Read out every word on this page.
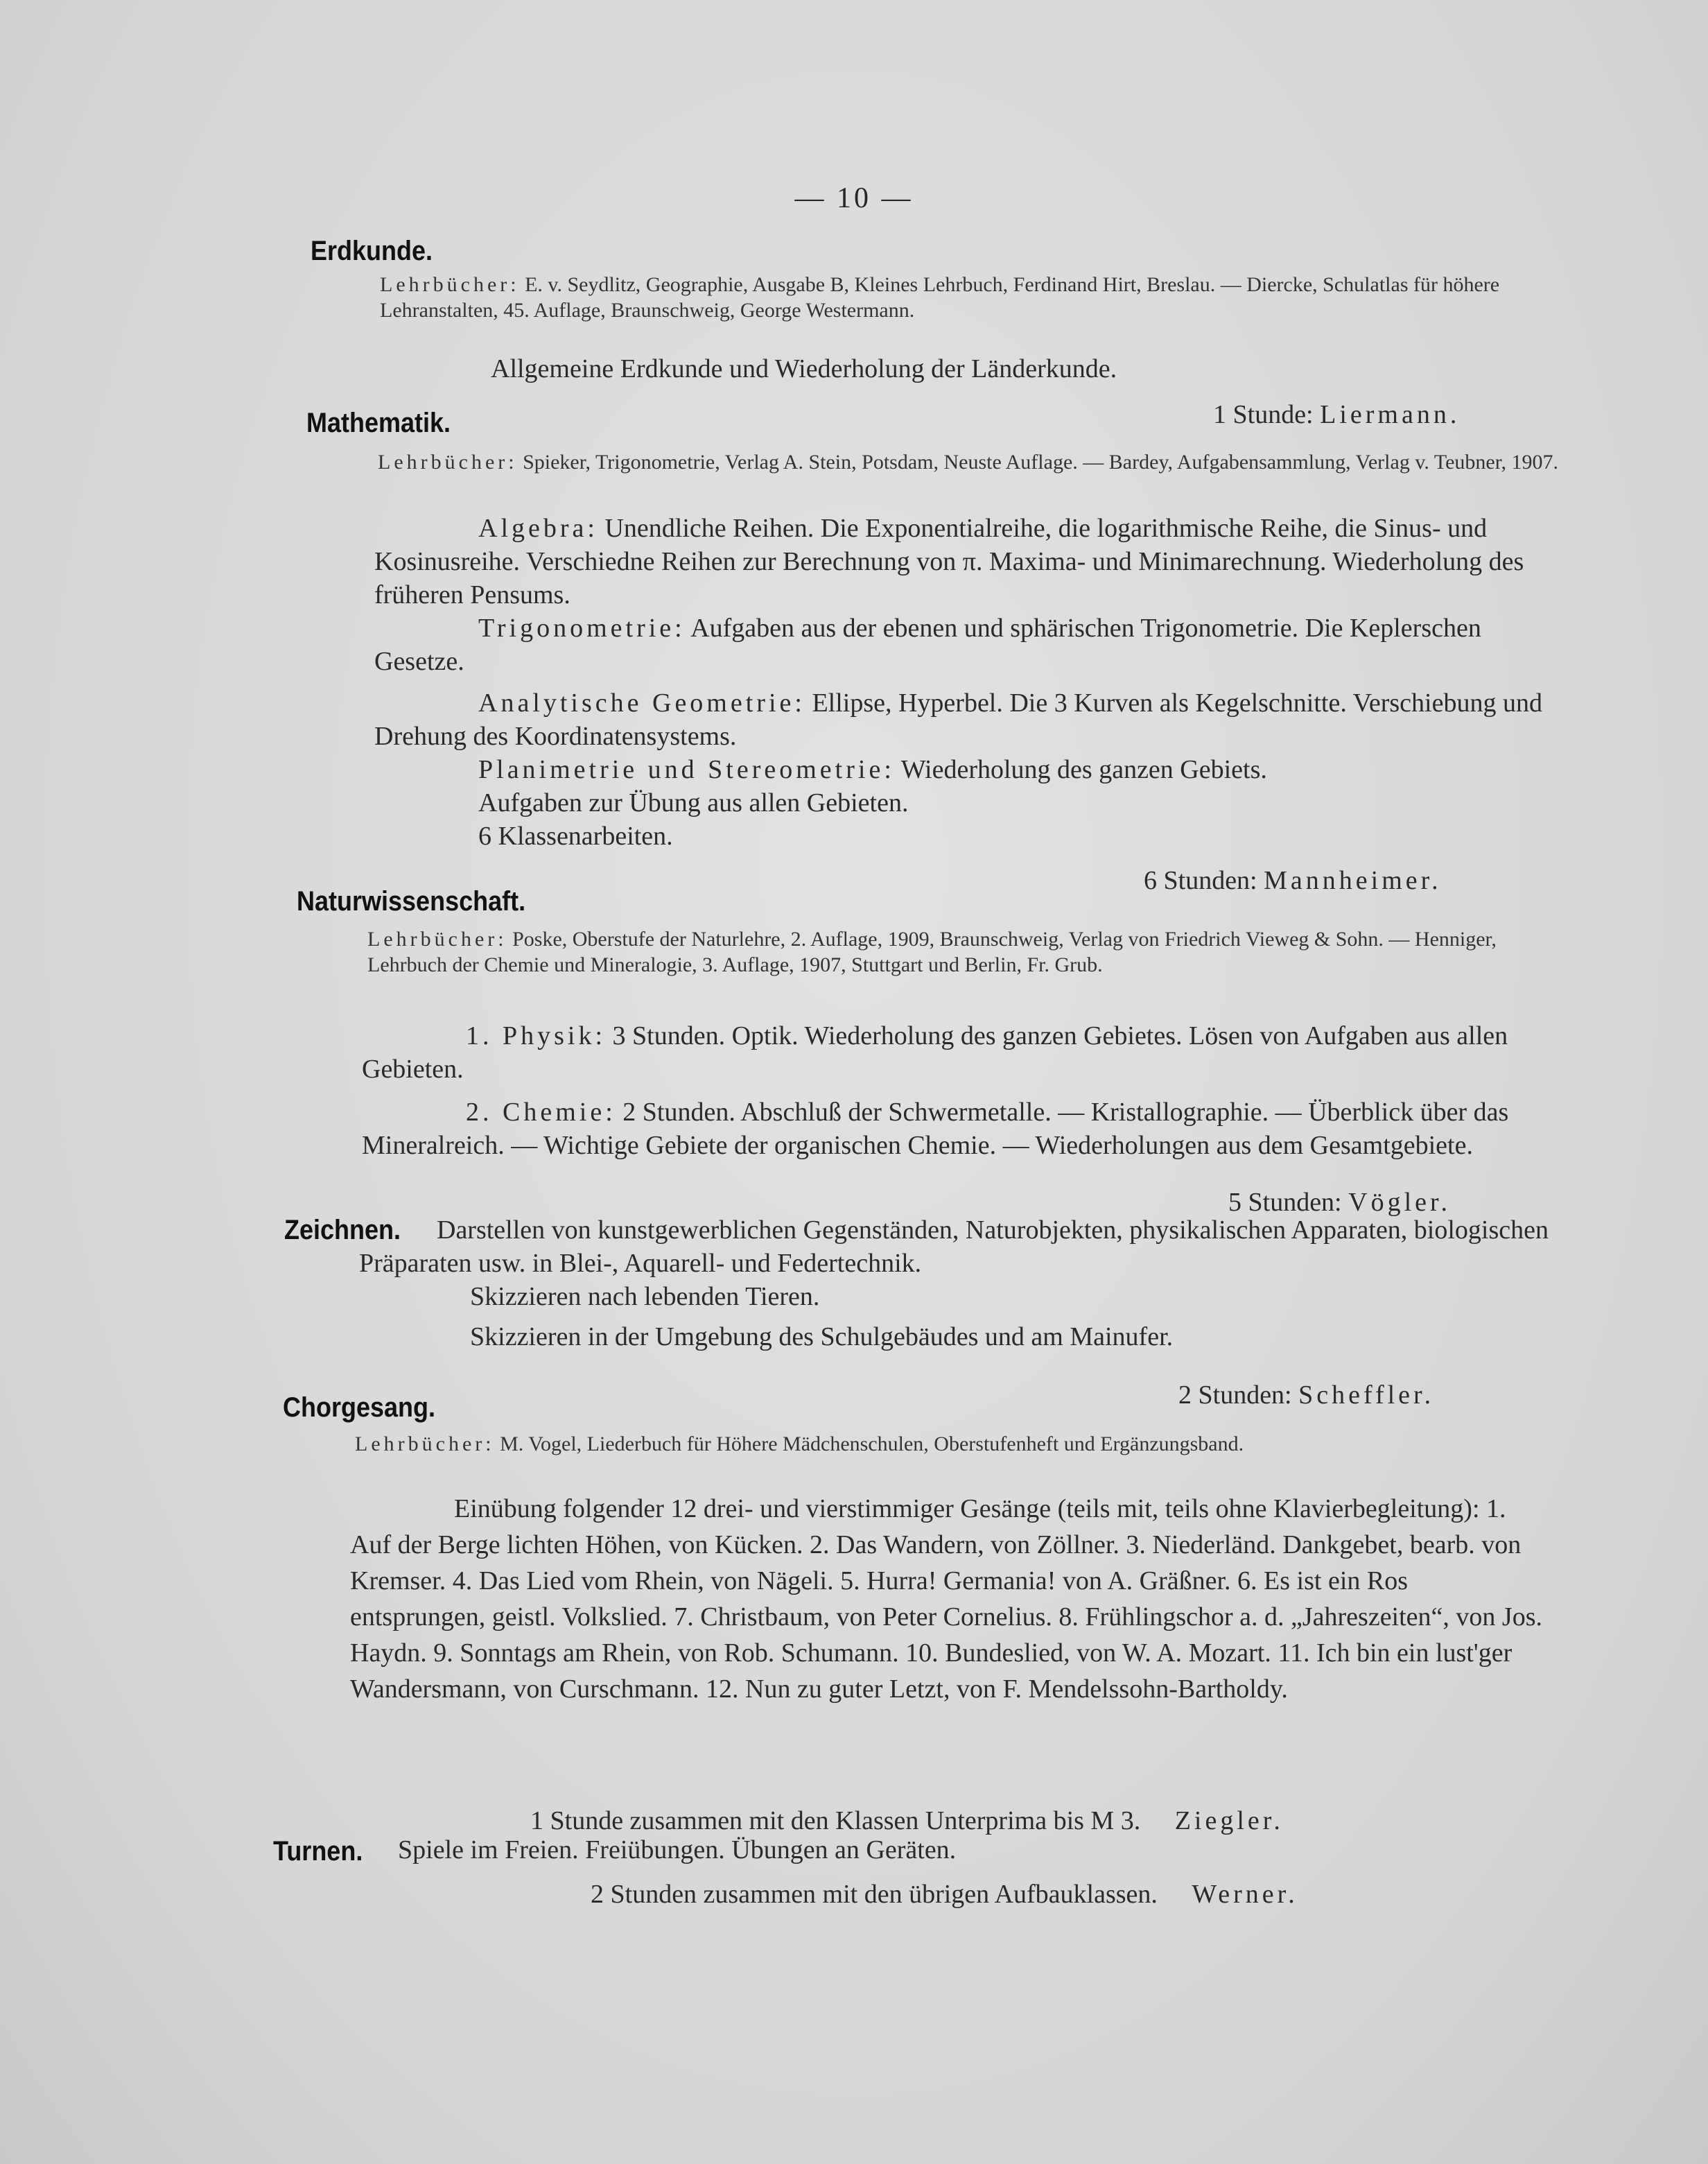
— 10 —
Erdkunde.
Lehrbücher: E. v. Seydlitz, Geographie, Ausgabe B, Kleines Lehrbuch, Ferdinand Hirt, Breslau. — Diercke, Schulatlas für höhere Lehranstalten, 45. Auflage, Braunschweig, George Westermann.
Allgemeine Erdkunde und Wiederholung der Länderkunde.
1 Stunde: Liermann.
Mathematik.
Lehrbücher: Spieker, Trigonometrie, Verlag A. Stein, Potsdam, Neuste Auflage. — Bardey, Aufgabensammlung, Verlag v. Teubner, 1907.

Algebra: Unendliche Reihen. Die Exponentialreihe, die logarithmische Reihe, die Sinus- und Kosinusreihe. Verschiedne Reihen zur Berechnung von π. Maxima- und Minimarechnung. Wiederholung des früheren Pensums.

Trigonometrie: Aufgaben aus der ebenen und sphärischen Trigonometrie. Die Keplerschen Gesetze.

Analytische Geometrie: Ellipse, Hyperbel. Die 3 Kurven als Kegelschnitte. Verschiebung und Drehung des Koordinatensystems.

Planimetrie und Stereometrie: Wiederholung des ganzen Gebiets.

Aufgaben zur Übung aus allen Gebieten.

6 Klassenarbeiten.

6 Stunden: Mannheimer.
Naturwissenschaft.
Lehrbücher: Poske, Oberstufe der Naturlehre, 2. Auflage, 1909, Braunschweig, Verlag von Friedrich Vieweg & Sohn. — Henniger, Lehrbuch der Chemie und Mineralogie, 3. Auflage, 1907, Stuttgart und Berlin, Fr. Grub.

1. Physik: 3 Stunden. Optik. Wiederholung des ganzen Gebietes. Lösen von Aufgaben aus allen Gebieten.

2. Chemie: 2 Stunden. Abschluß der Schwermetalle. — Kristallographie. — Überblick über das Mineralreich. — Wichtige Gebiete der organischen Chemie. — Wiederholungen aus dem Gesamtgebiete.

5 Stunden: Vögler.
Zeichnen.	Darstellen von kunstgewerblichen Gegenständen, Naturobjekten, physikalischen Apparaten, biologischen Präparaten usw. in Blei-, Aquarell- und Federtechnik.

Skizzieren nach lebenden Tieren.

Skizzieren in der Umgebung des Schulgebäudes und am Mainufer.

2 Stunden: Scheffler.
Chorgesang.
Lehrbücher: M. Vogel, Liederbuch für Höhere Mädchenschulen, Oberstufenheft und Ergänzungsband.

Einübung folgender 12 drei- und vierstimmiger Gesänge (teils mit, teils ohne Klavierbegleitung): 1. Auf der Berge lichten Höhen, von Kücken. 2. Das Wandern, von Zöllner. 3. Niederländ. Dankgebet, bearb. von Kremser. 4. Das Lied vom Rhein, von Nägeli. 5. Hurra! Germania! von A. Gräßner. 6. Es ist ein Ros entsprungen, geistl. Volkslied. 7. Christbaum, von Peter Cornelius. 8. Frühlingschor a. d. „Jahreszeiten“, von Jos. Haydn. 9. Sonntags am Rhein, von Rob. Schumann. 10. Bundeslied, von W. A. Mozart. 11. Ich bin ein lust'ger Wandersmann, von Curschmann. 12. Nun zu guter Letzt, von F. Mendelssohn-Bartholdy.

1 Stunde zusammen mit den Klassen Unterprima bis M 3. Ziegler.
Turnen. Spiele im Freien. Freiübungen. Übungen an Geräten.
2 Stunden zusammen mit den übrigen Aufbauklassen. Werner.
